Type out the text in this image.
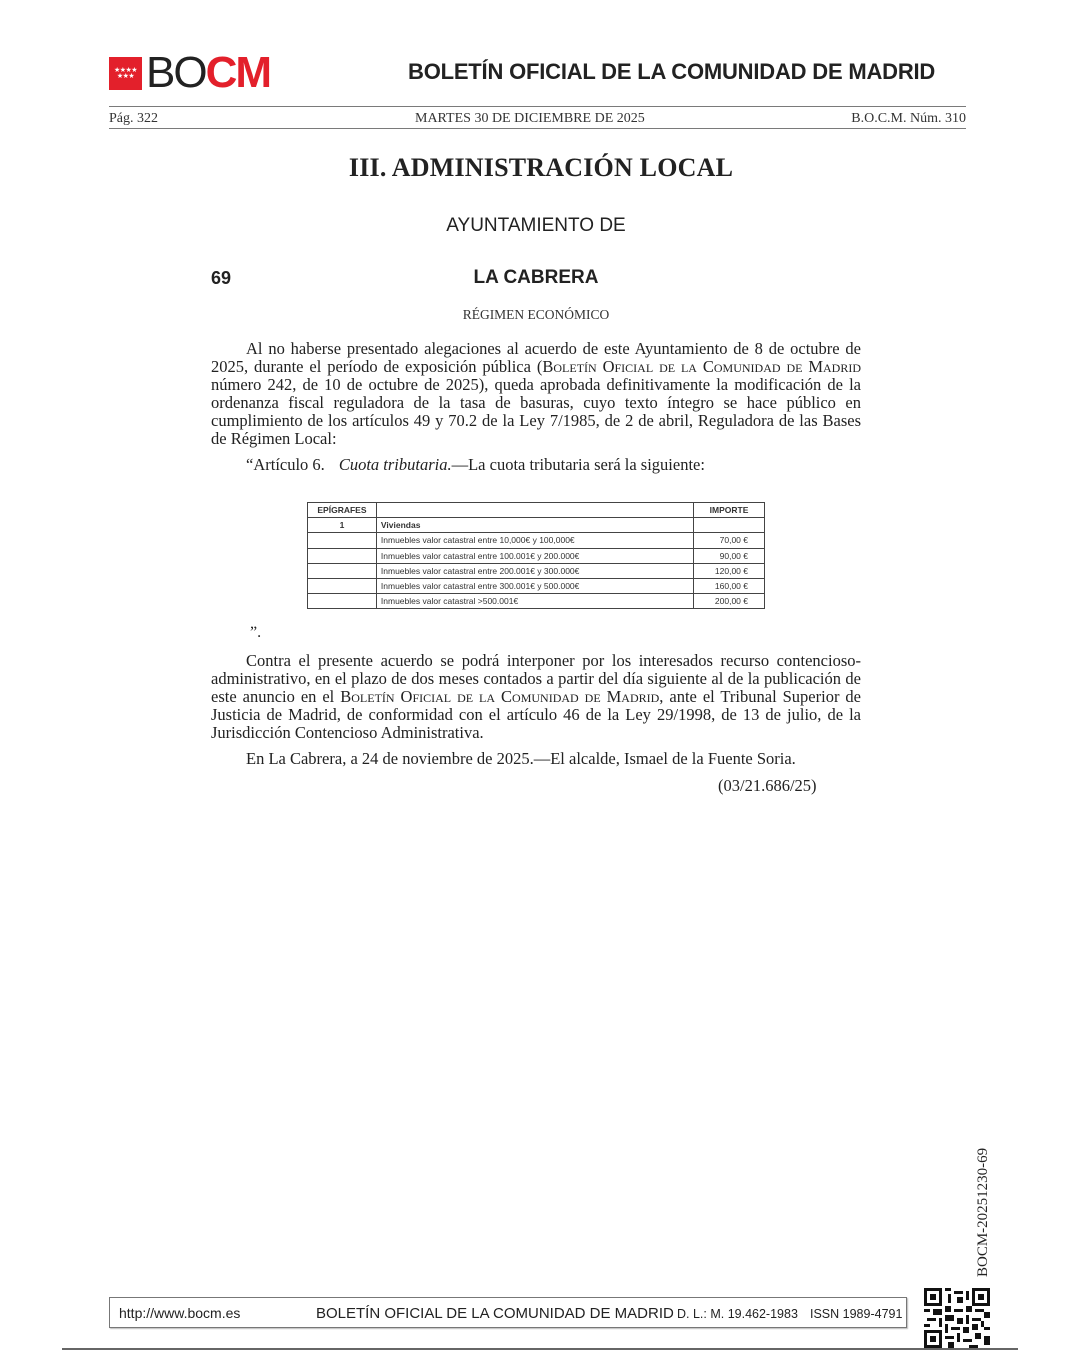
★★★★
★★★ BOCM	BOLETÍN OFICIAL DE LA COMUNIDAD DE MADRID
Pág. 322	MARTES 30 DE DICIEMBRE DE 2025	B.O.C.M. Núm. 310
III. ADMINISTRACIÓN LOCAL
AYUNTAMIENTO DE
69	LA CABRERA
RÉGIMEN ECONÓMICO
Al no haberse presentado alegaciones al acuerdo de este Ayuntamiento de 8 de octubre de 2025, durante el período de exposición pública (Boletín Oficial de la Comunidad de Madrid número 242, de 10 de octubre de 2025), queda aprobada definitivamente la modificación de la ordenanza fiscal reguladora de la tasa de basuras, cuyo texto íntegro se hace público en cumplimiento de los artículos 49 y 70.2 de la Ley 7/1985, de 2 de abril, Reguladora de las Bases de Régimen Local:
“Artículo 6. Cuota tributaria.—La cuota tributaria será la siguiente:
EPÍGRAFES		IMPORTE
1	Viviendas	
	Inmuebles valor catastral entre 10,000€ y 100,000€	70,00 €
	Inmuebles valor catastral entre 100.001€ y 200.000€	90,00 €
	Inmuebles valor catastral entre 200.001€ y 300.000€	120,00 €
	Inmuebles valor catastral entre 300.001€ y 500.000€	160,00 €
	Inmuebles valor catastral >500.001€	200,00 €
”.
Contra el presente acuerdo se podrá interponer por los interesados recurso contencioso-administrativo, en el plazo de dos meses contados a partir del día siguiente al de la publicación de este anuncio en el Boletín Oficial de la Comunidad de Madrid, ante el Tribunal Superior de Justicia de Madrid, de conformidad con el artículo 46 de la Ley 29/1998, de 13 de julio, de la Jurisdicción Contencioso Administrativa.
En La Cabrera, a 24 de noviembre de 2025.—El alcalde, Ismael de la Fuente Soria.
(03/21.686/25)
BOCM-20251230-69
http://www.bocm.es	BOLETÍN OFICIAL DE LA COMUNIDAD DE MADRID D. L.: M. 19.462-1983 ISSN 1989-4791
